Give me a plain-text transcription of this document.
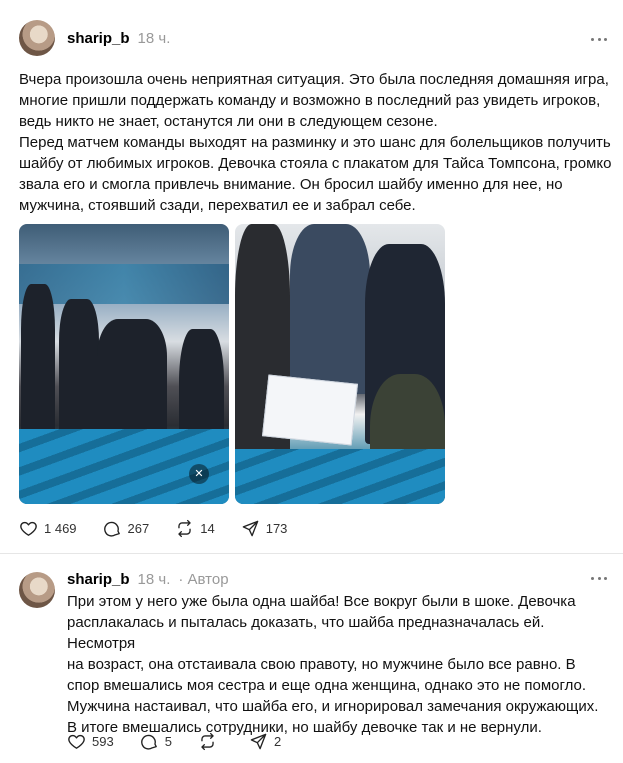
sharip_b 18 ч.
Вчера произошла очень неприятная ситуация. Это была последняя домашняя игра,
многие пришли поддержать команду и возможно в последний раз увидеть игроков,
ведь никто не знает, останутся ли они в следующем сезоне.
Перед матчем команды выходят на разминку и это шанс для болельщиков получить
шайбу от любимых игроков. Девочка стояла с плакатом для Тайса Томпсона, громко
звала его и смогла привлечь внимание. Он бросил шайбу именно для нее, но
мужчина, стоявший сзади, перехватил ее и забрал себе.
✕
1 469	267	14	173
sharip_b 18 ч. · Автор
При этом у него уже была одна шайба! Все вокруг были в шоке. Девочка
расплакалась и пыталась доказать, что шайба предназначалась ей. Несмотря
на возраст, она отстаивала свою правоту, но мужчине было все равно. В
спор вмешались моя сестра и еще одна женщина, однако это не помогло.
Мужчина настаивал, что шайба его, и игнорировал замечания окружающих.
В итоге вмешались сотрудники, но шайбу девочке так и не вернули.
593	5	2
